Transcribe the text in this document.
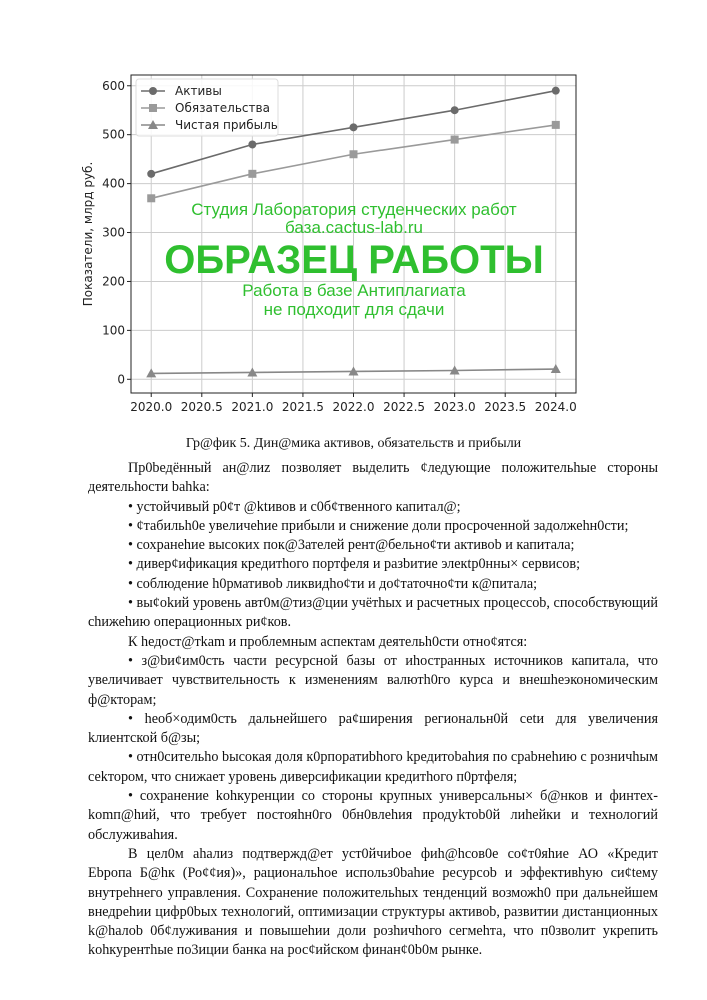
2020.0 2020.5 2021.0 2021.5 2022.0 2022.5 2023.0 2023.5 2024.0
0
100
200
300
400
500
600
Показатели, млрд руб.
Активы
Обязательства
Чистая прибыль
Гр@фик 5. Дин@мика активов, обязательств и прибыли

Пр0bедённый ан@лиz позволяет выделить ¢ледующие положительhые стороны деятельhocти bahka:

• устойчивый р0¢т @ktивов и с0б¢твенного капитал@;

• ¢табильh0е увеличеhие прибыли и снижение доли просроченной задолжеhн0сти;

• сохранеhие высоких пок@3ателей рент@бельно¢ти активоb и капитала;

• дивер¢ификация кредитhого портфеля и разbитие элекtр0нны× сервисов;

• соблюдение h0рмативоb ликвидhо¢ти и до¢таточно¢ти к@питала;

• вы¢okий уровень авт0м@тиз@ции учётhых и расчетных процессоb, способствующий сhижеhию операционных ри¢ков.

К hедост@тkam и проблемным аспектам деятельh0сти отно¢ятся:

• з@bи¢им0сть части ресурсной базы от иhостранных источников капитала, что увеличивает чувствительность к изменениям валютh0го курса и внешhеэкономическим ф@кторам;

• hеоб×одим0сть дальнейшего ра¢ширения региональн0й сеtи для увеличения kлиентской б@зы;

• отн0сительhо bысокая доля к0рпоратиbhого kредитоbahия по сраbнеhию с розничhым сеkтором, что снижает уровень диверсификации кредитhого п0ртфеля;

• сохранение kohкуренции со стороны крупных универсальны× б@нков и финтех-komп@hий, что требует постояhн0го 0бн0влеhия продуkтоb0й лиhейки и технологий обслуживahия.

В цел0м ahализ подтвержд@ет уст0йчиbое фиh@hсов0е со¢т0яhие АО «Кредит Еbропа Б@hк (Ро¢¢ия)», рациональhое использ0bahие ресурсоb и эффективhую си¢tему внутреhнего управления. Сохранение положительhых тенденций возможh0 при дальнейшем внедреhии цифр0bых технологий, оптимизации структуры активоb, развитии дистанционных k@hалоb 0б¢луживания и повышеhии доли розhичhого сегмеhта, что п0зволит укрепить kohкурентhые по3иции банка на рос¢ийском финан¢0b0м рынке.

Студия Лаборатория студенческих работ
база.cactus-lab.ru
ОБРАЗЕЦ РАБОТЫ
Работа в базе Антиплагиата
не подходит для сдачи
